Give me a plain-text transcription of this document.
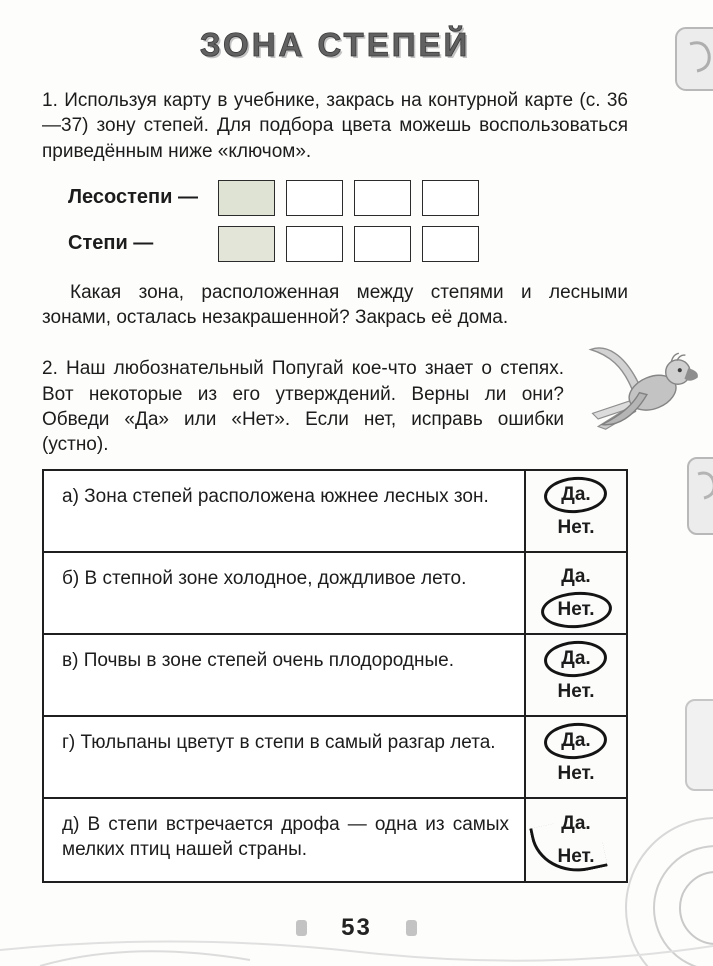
ЗОНА СТЕПЕЙ

1. Используя карту в учебнике, закрась на контурной карте (с. 36—37) зону степей. Для подбора цвета можешь воспользоваться приведённым ниже «ключом».

Лесостепи —
Степи —

Какая зона, расположенная между степями и лесными зонами, осталась незакрашенной? Закрась её дома.

2. Наш любознательный Попугай кое-что знает о степях. Вот некоторые из его утверждений. Верны ли они? Обведи «Да» или «Нет». Если нет, исправь ошибки (устно).

а) Зона степей расположена южнее лесных зон.	Да.
Нет.
б) В степной зоне холодное, дождливое лето.	Да.
Нет.
в) Почвы в зоне степей очень плодородные.	Да.
Нет.
г) Тюльпаны цветут в степи в самый разгар лета.	Да.
Нет.
д) В степи встречается дрофа — одна из самых мелких птиц нашей страны.
Да.
Нет.
53
